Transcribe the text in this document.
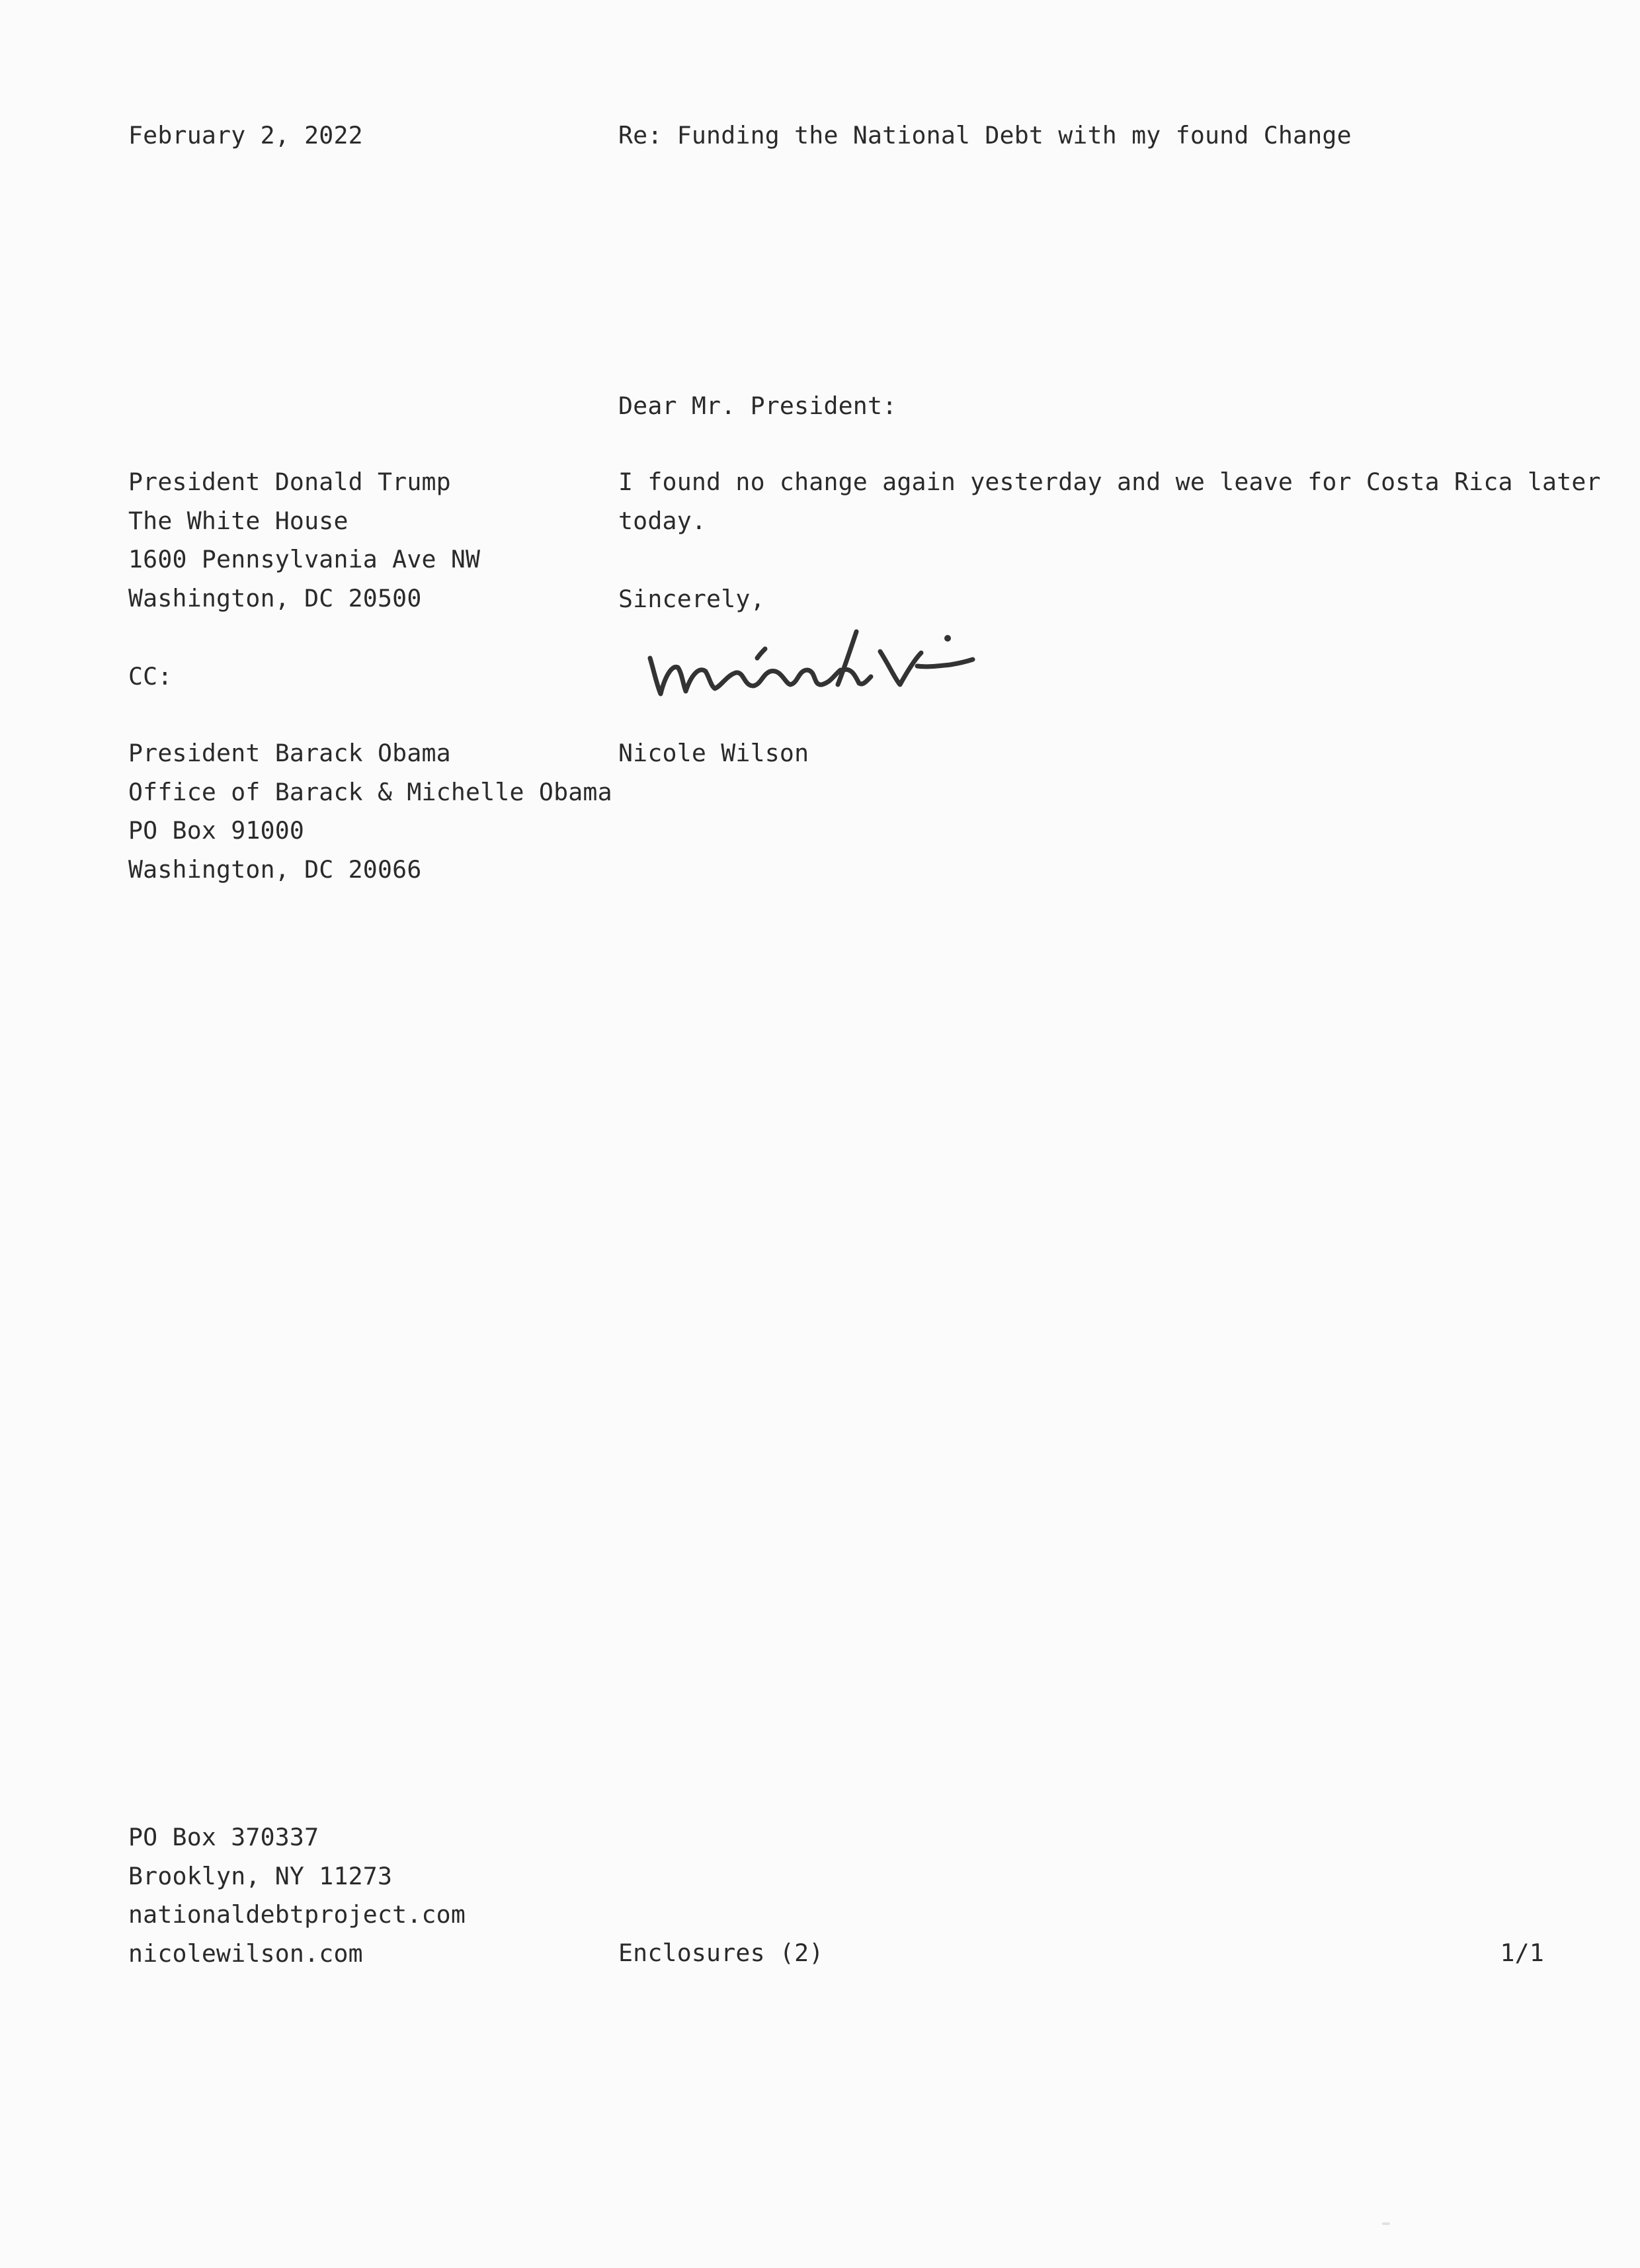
February 2, 2022	Re: Funding the National Debt with my found Change
Dear Mr. President:
President Donald Trump
The White House
1600 Pennsylvania Ave NW
Washington, DC 20500
I found no change again yesterday and we leave for Costa Rica later
today.
Sincerely,
CC:
Nicole Wilson
President Barack Obama
Office of Barack & Michelle Obama
PO Box 91000
Washington, DC 20066
PO Box 370337
Brooklyn, NY 11273
nationaldebtproject.com
nicolewilson.com	Enclosures (2)	1/1
